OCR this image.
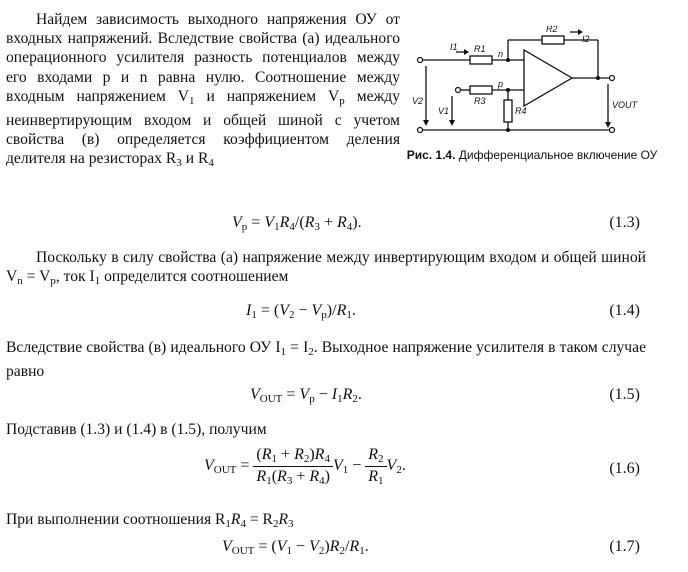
Найдем зависимость выходного напряжения ОУ от входных напряжений. Вследствие свойства (а) идеального операционного усилителя разность потенциалов между его входами p и n равна нулю. Соотношение между входным напряжением $V_1$ и напряжением $V_p$ между неинвертирующим входом и общей шиной с учетом свойства (в) определяется коэффициентом деления делителя на резисторах $R_3$ и $R_4$

R1
R2
R3
R4
I1
I2
n
p
V1
V2	VOUT
Рис. 1.4. Дифференциальное включение ОУ
$V_p = V_1R_4/(R_3 + R_4)$.	(1.3)

Поскольку в силу свойства (а) напряжение между инвертирующим входом и общей шиной $V_n = V_p$, ток $I_1$ определится соотношением

$I_1 = (V_2 - V_p)/R_1$.	(1.4)

Вследствие свойства (в) идеального ОУ $I_1 = I_2$. Выходное напряжение усилителя в таком случае равно

$V_{OUT} = V_p - I_1R_2$.	(1.5)

Подставив (1.3) и (1.4) в (1.5), получим

$V_{OUT} = \frac{(R_1 + R_2)R_4}{R_1(R_3 + R_4)} V_1 - \frac{R_2}{R_1} V_2$.	(1.6)

При выполнении соотношения $R_1R_4 = R_2R_3$

$V_{OUT} = (V_1 - V_2)R_2/R_1$.	(1.7)
